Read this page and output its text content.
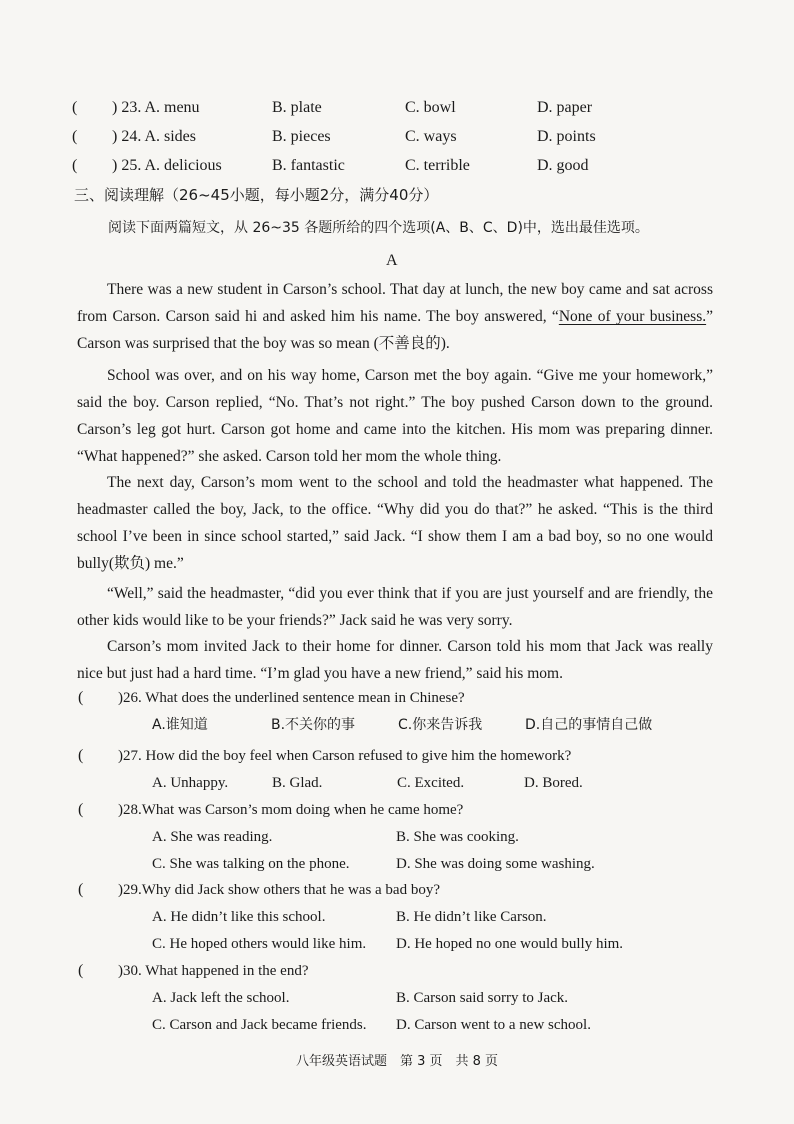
( ) 23. A. menu	B. plate	C. bowl	D. paper
( ) 24. A. sides	B. pieces	C. ways	D. points
( ) 25. A. delicious	B. fantastic	C. terrible	D. good
三、阅读理解（26~45小题，每小题2分，满分40分）
阅读下面两篇短文，从 26~35 各题所给的四个选项(A、B、C、D)中，选出最佳选项。
A
There was a new student in Carson’s school. That day at lunch, the new boy came and sat across from Carson. Carson said hi and asked him his name. The boy answered, “None of your business.” Carson was surprised that the boy was so mean (不善良的).
School was over, and on his way home, Carson met the boy again. “Give me your homework,” said the boy. Carson replied, “No. That’s not right.” The boy pushed Carson down to the ground. Carson’s leg got hurt. Carson got home and came into the kitchen. His mom was preparing dinner. “What happened?” she asked. Carson told her mom the whole thing.
The next day, Carson’s mom went to the school and told the headmaster what happened. The headmaster called the boy, Jack, to the office. “Why did you do that?” he asked. “This is the third school I’ve been in since school started,” said Jack. “I show them I am a bad boy, so no one would bully(欺负) me.”
“Well,” said the headmaster, “did you ever think that if you are just yourself and are friendly, the other kids would like to be your friends?” Jack said he was very sorry.
Carson’s mom invited Jack to their home for dinner. Carson told his mom that Jack was really nice but just had a hard time. “I’m glad you have a new friend,” said his mom.
( )26. What does the underlined sentence mean in Chinese?
A.谁知道	B.不关你的事	C.你来告诉我	D.自己的事情自己做
( )27. How did the boy feel when Carson refused to give him the homework?
A. Unhappy.	B. Glad.	C. Excited.	D. Bored.
( )28.What was Carson’s mom doing when he came home?
A. She was reading.	B. She was cooking.
C. She was talking on the phone.	D. She was doing some washing.
( )29.Why did Jack show others that he was a bad boy?
A. He didn’t like this school.	B. He didn’t like Carson.
C. He hoped others would like him. D. He hoped no one would bully him.
( )30. What happened in the end?
A. Jack left the school.	B. Carson said sorry to Jack.
C. Carson and Jack became friends. D. Carson went to a new school.
八年级英语试题　第 3 页　共 8 页
